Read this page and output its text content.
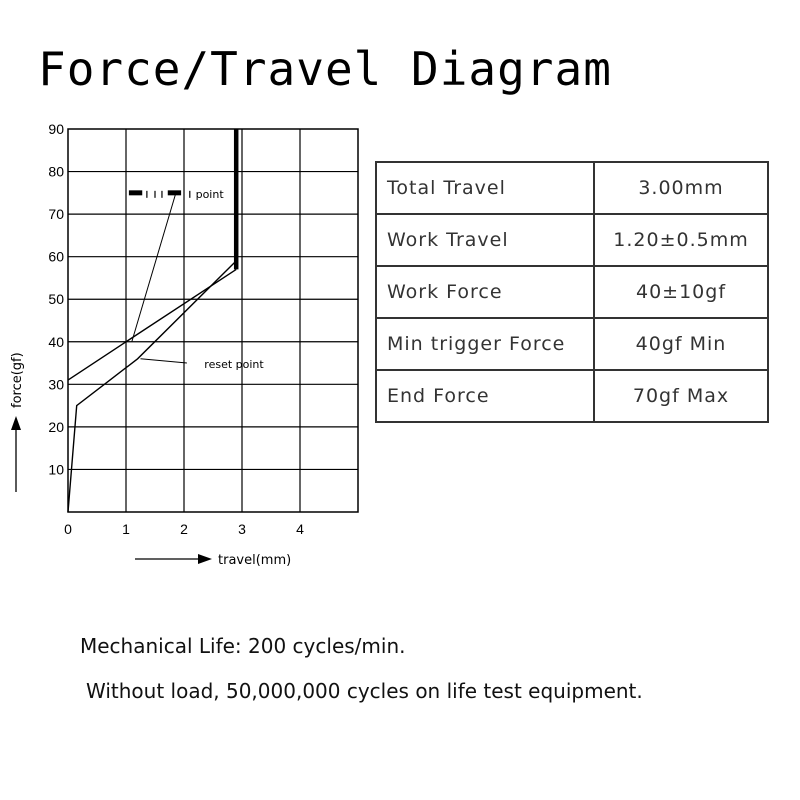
Force/Travel Diagram
10
20
30
40
50
60
70
80
90
0	1	2	3	4
point
reset point
travel(mm)
force(gf)
Total Travel	3.00mm
Work Travel	1.20±0.5mm
Work Force	40±10gf
Min trigger Force	40gf Min
End Force	70gf Max
Mechanical Life: 200 cycles/min.
Without load, 50,000,000 cycles on life test equipment.
